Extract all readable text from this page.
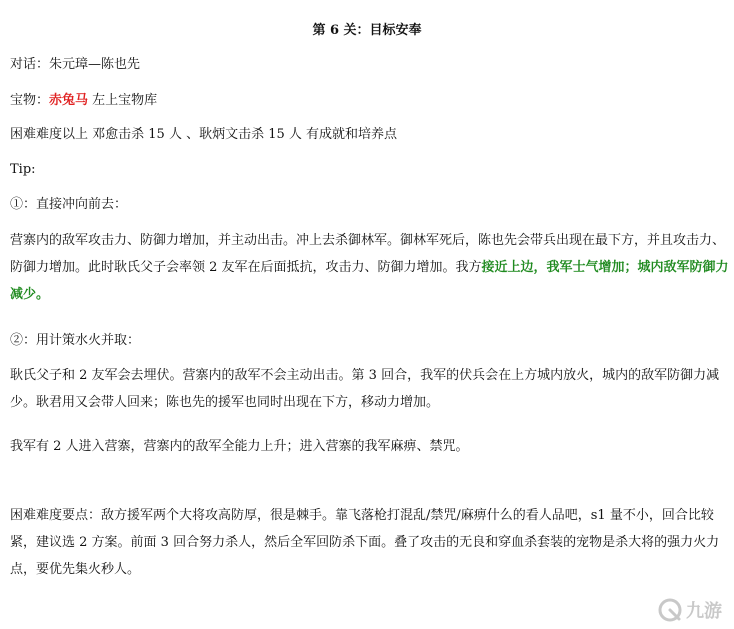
第 6 关：目标安奉
对话：朱元璋—陈也先
宝物：赤兔马 左上宝物库
困难难度以上 邓愈击杀 15 人 、耿炳文击杀 15 人 有成就和培养点
Tip:
①：直接冲向前去：
营寨内的敌军攻击力、防御力增加，并主动出击。冲上去杀御林军。御林军死后，陈也先会带兵出现在最下方，并且攻击力、防御力增加。此时耿氏父子会率领 2 友军在后面抵抗，攻击力、防御力增加。我方接近上边，我军士气增加；城内敌军防御力减少。
②：用计策水火并取：
耿氏父子和 2 友军会去埋伏。营寨内的敌军不会主动出击。第 3 回合，我军的伏兵会在上方城内放火，城内的敌军防御力减少。耿君用又会带人回来；陈也先的援军也同时出现在下方，移动力增加。
我军有 2 人进入营寨，营寨内的敌军全能力上升；进入营寨的我军麻痹、禁咒。
困难难度要点：敌方援军两个大将攻高防厚，很是棘手。靠飞落枪打混乱/禁咒/麻痹什么的看人品吧，s1 量不小，回合比较紧，建议选 2 方案。前面 3 回合努力杀人，然后全军回防杀下面。叠了攻击的无良和穿血杀套装的宠物是杀大将的强力火力点，要优先集火秒人。
九游
